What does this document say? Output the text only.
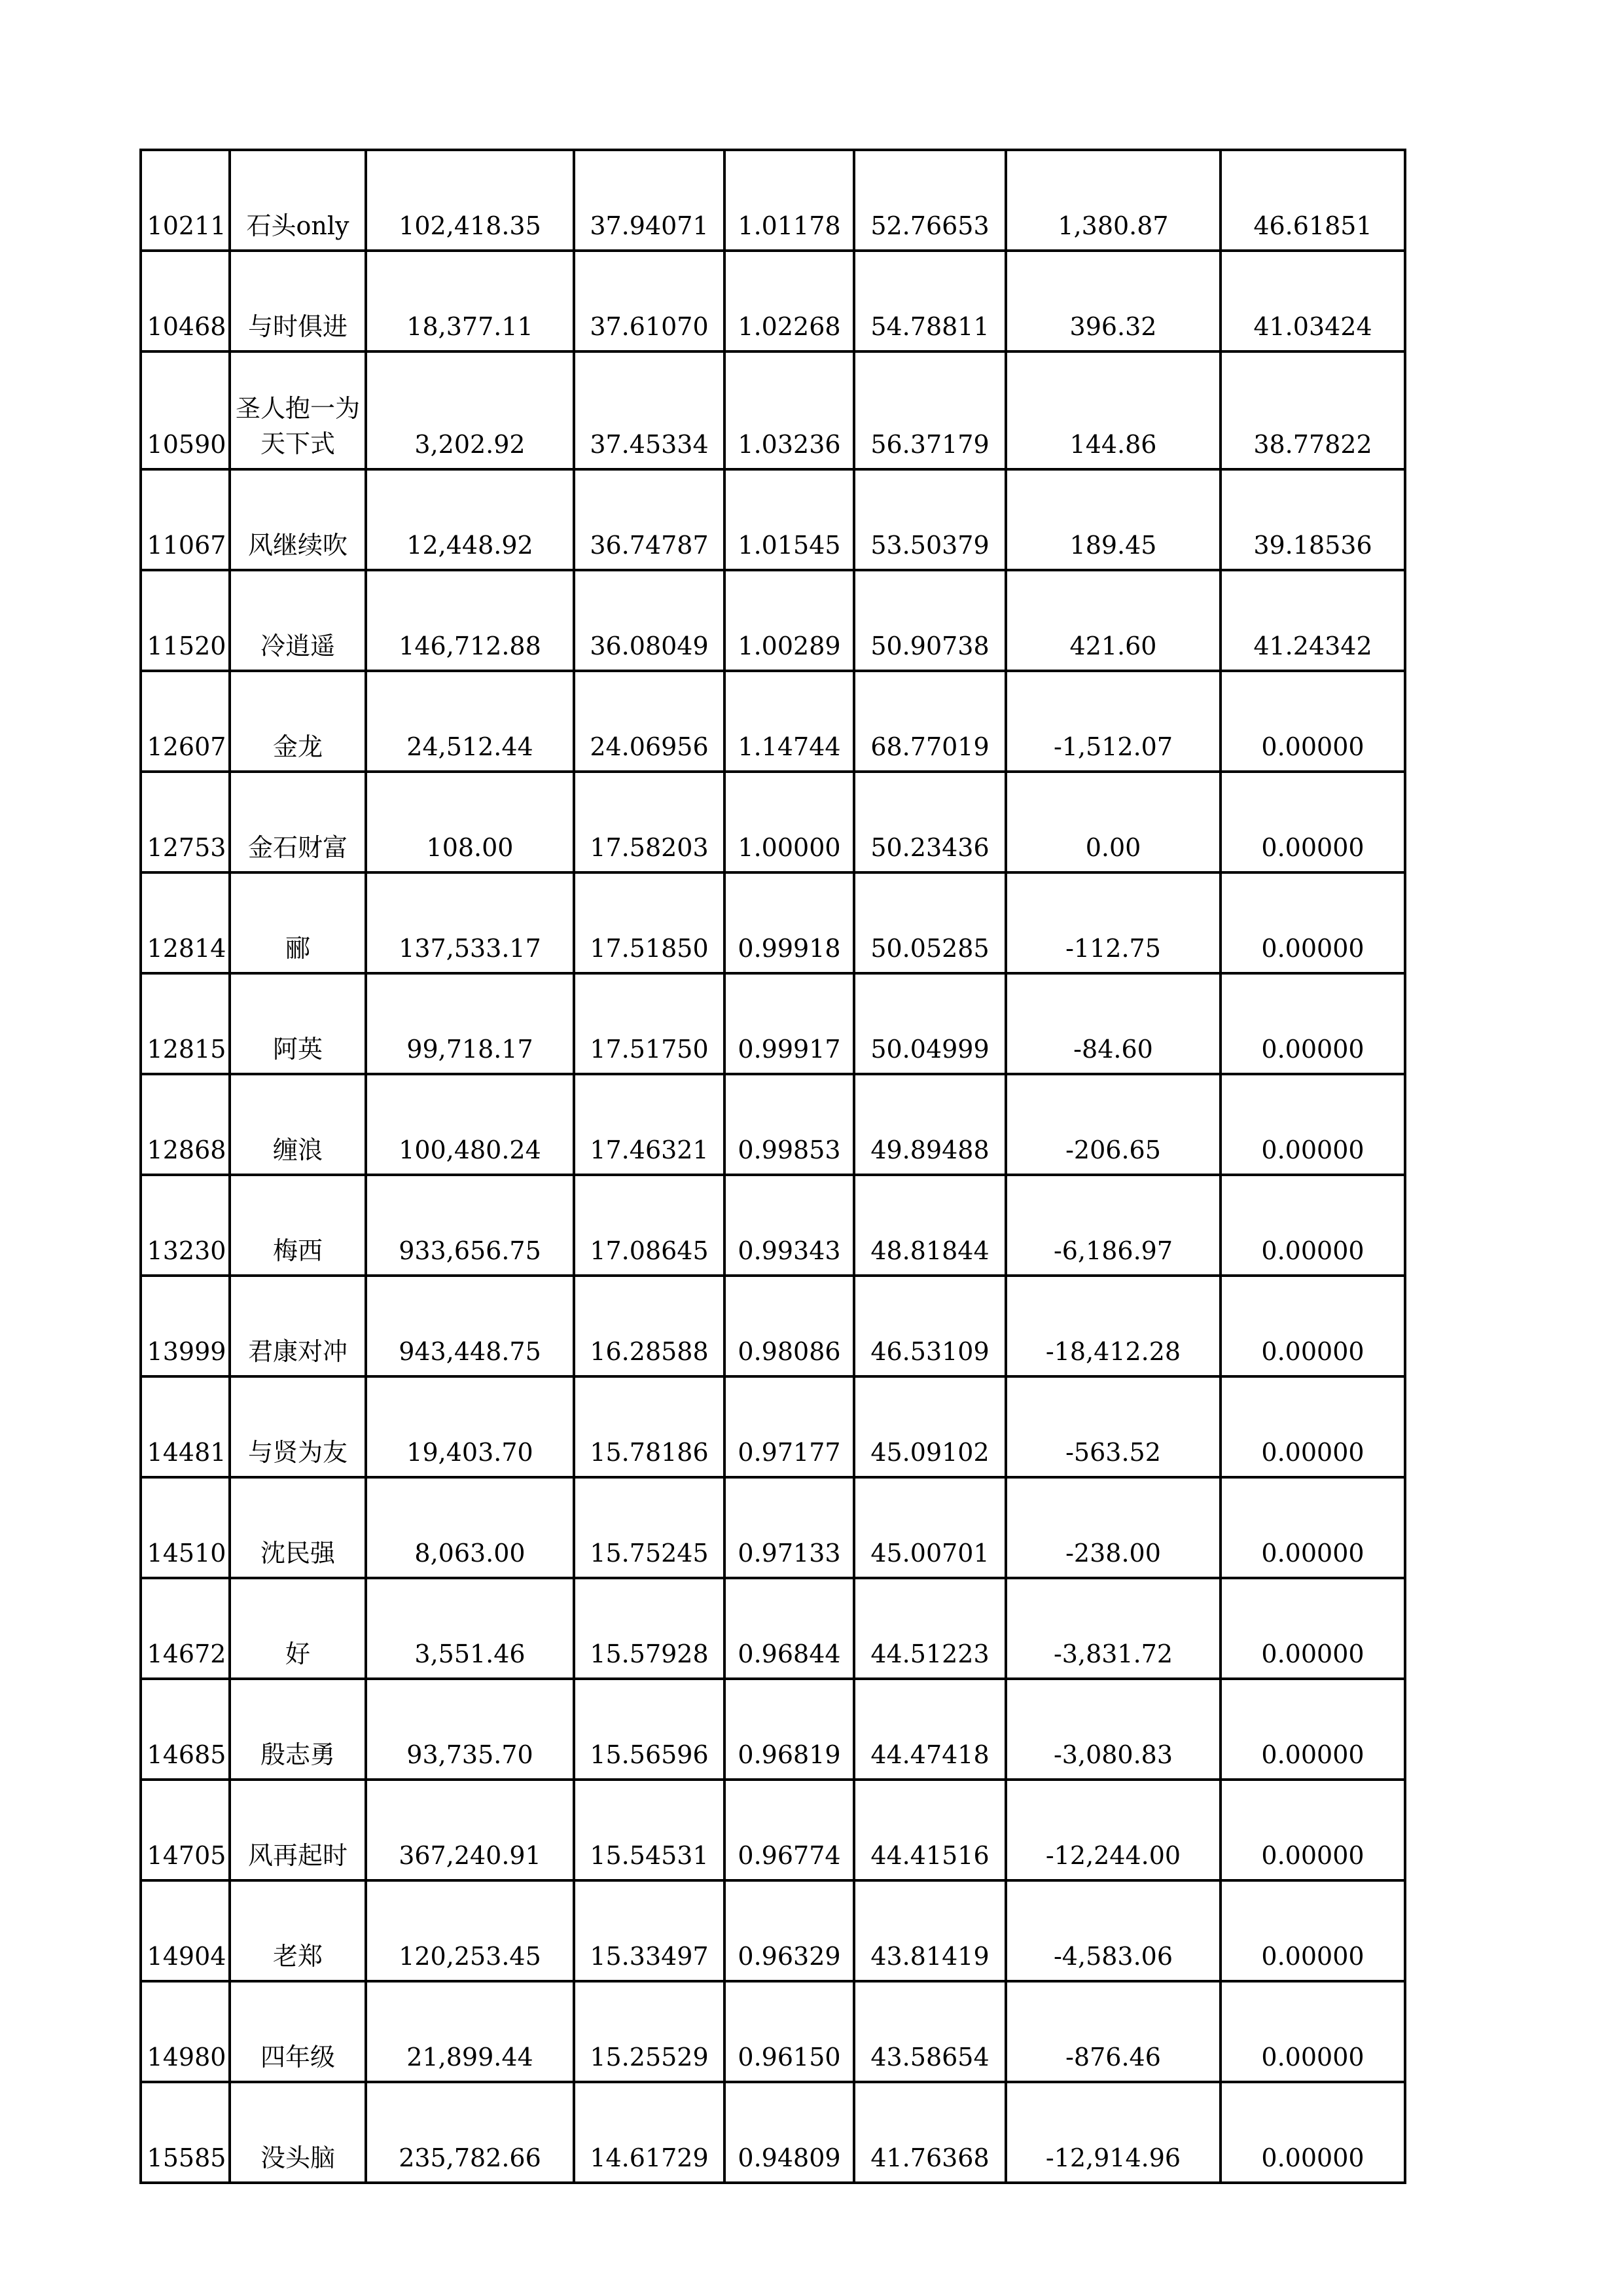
10211	石头only	102,418.35	37.94071	1.01178	52.76653	1,380.87	46.61851
10468	与时俱进	18,377.11	37.61070	1.02268	54.78811	396.32	41.03424
10590	圣人抱一为天下式	3,202.92	37.45334	1.03236	56.37179	144.86	38.77822
11067	风继续吹	12,448.92	36.74787	1.01545	53.50379	189.45	39.18536
11520	冷逍遥	146,712.88	36.08049	1.00289	50.90738	421.60	41.24342
12607	金龙	24,512.44	24.06956	1.14744	68.77019	-1,512.07	0.00000
12753	金石财富	108.00	17.58203	1.00000	50.23436	0.00	0.00000
12814	郦	137,533.17	17.51850	0.99918	50.05285	-112.75	0.00000
12815	阿英	99,718.17	17.51750	0.99917	50.04999	-84.60	0.00000
12868	缠浪	100,480.24	17.46321	0.99853	49.89488	-206.65	0.00000
13230	梅西	933,656.75	17.08645	0.99343	48.81844	-6,186.97	0.00000
13999	君康对冲	943,448.75	16.28588	0.98086	46.53109	-18,412.28	0.00000
14481	与贤为友	19,403.70	15.78186	0.97177	45.09102	-563.52	0.00000
14510	沈民强	8,063.00	15.75245	0.97133	45.00701	-238.00	0.00000
14672	好	3,551.46	15.57928	0.96844	44.51223	-3,831.72	0.00000
14685	殷志勇	93,735.70	15.56596	0.96819	44.47418	-3,080.83	0.00000
14705	风再起时	367,240.91	15.54531	0.96774	44.41516	-12,244.00	0.00000
14904	老郑	120,253.45	15.33497	0.96329	43.81419	-4,583.06	0.00000
14980	四年级	21,899.44	15.25529	0.96150	43.58654	-876.46	0.00000
15585	没头脑	235,782.66	14.61729	0.94809	41.76368	-12,914.96	0.00000
